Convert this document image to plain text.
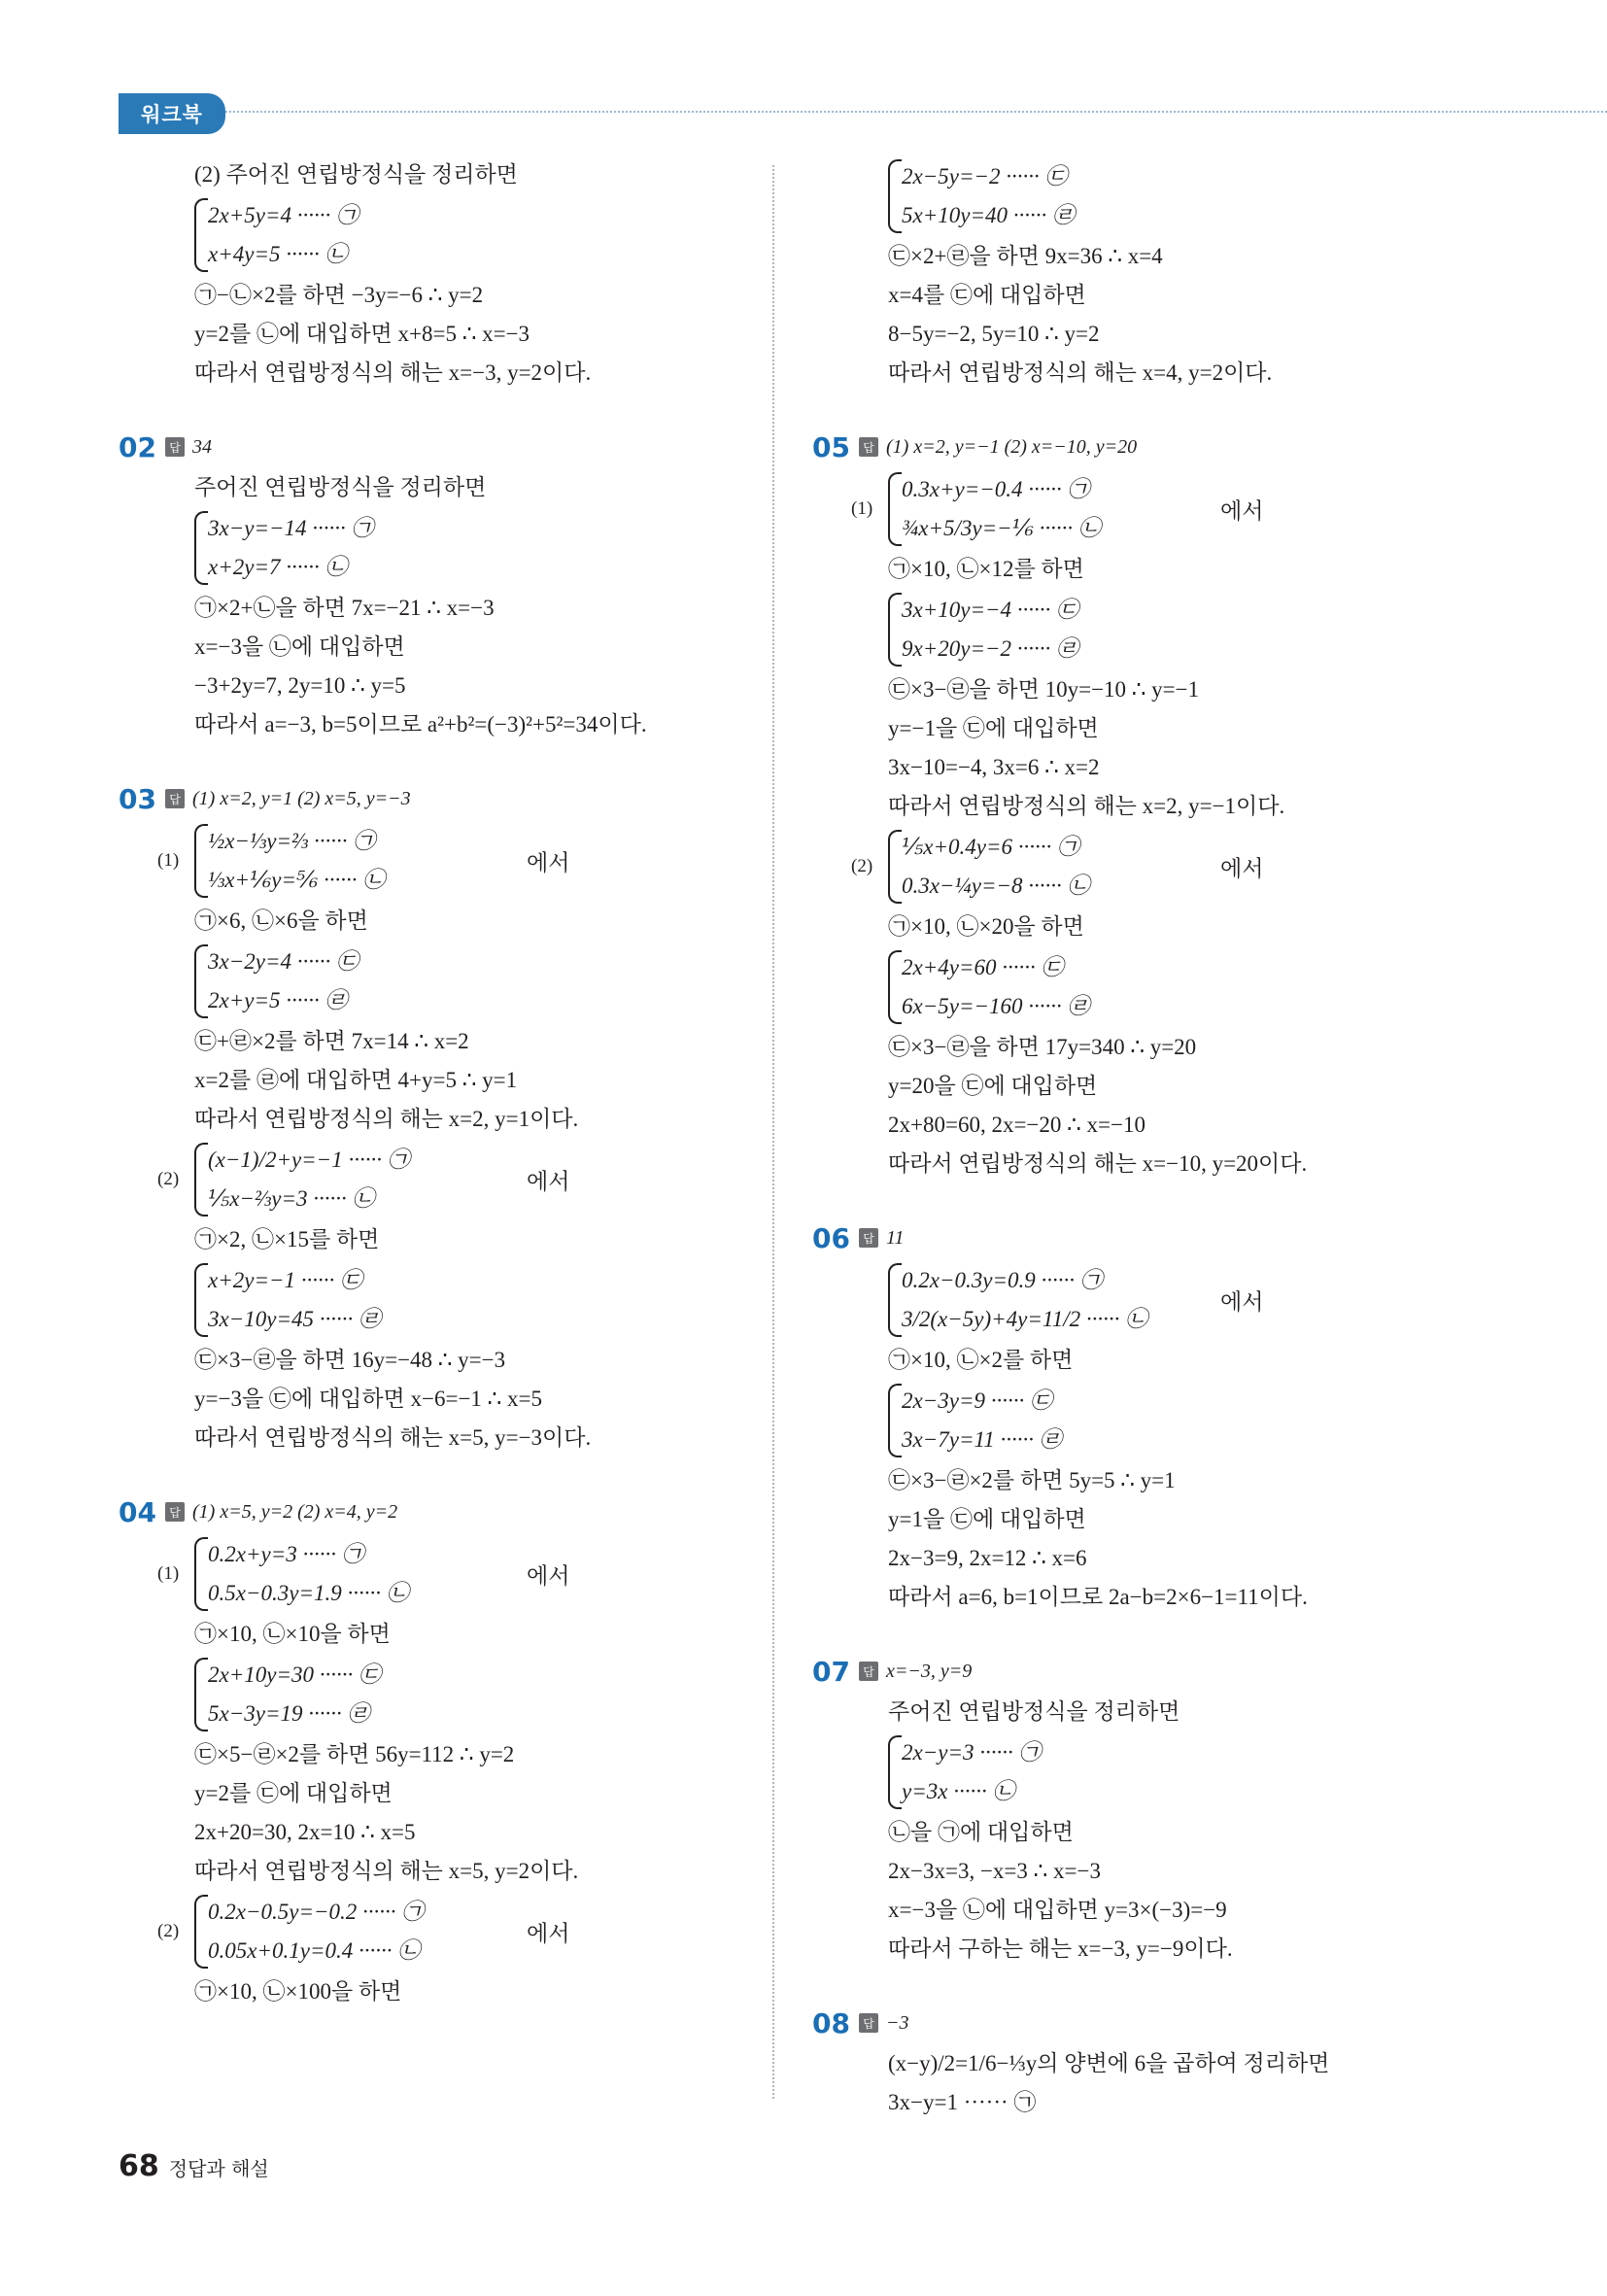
워크북
(2) 주어진 연립방정식을 정리하면
2x+5y=4 ······ ㉠
x+4y=5 ······ ㉡
㉠−㉡×2를 하면 −3y=−6 ∴ y=2
y=2를 ㉡에 대입하면 x+8=5 ∴ x=−3
따라서 연립방정식의 해는 x=−3, y=2이다.
02	답 34
주어진 연립방정식을 정리하면
3x−y=−14 ······ ㉠
x+2y=7 ······ ㉡
㉠×2+㉡을 하면 7x=−21 ∴ x=−3
x=−3을 ㉡에 대입하면
−3+2y=7, 2y=10 ∴ y=5
따라서 a=−3, b=5이므로 a²+b²=(−3)²+5²=34이다.
03	답 (1) x=2, y=1 (2) x=5, y=−3
(1)
½x−⅓y=⅔ ······ ㉠
⅓x+⅙y=⅚ ······ ㉡
에서
㉠×6, ㉡×6을 하면
3x−2y=4 ······ ㉢
2x+y=5 ······ ㉣
㉢+㉣×2를 하면 7x=14 ∴ x=2
x=2를 ㉣에 대입하면 4+y=5 ∴ y=1
따라서 연립방정식의 해는 x=2, y=1이다.
(2)
(x−1)/2+y=−1 ······ ㉠
⅕x−⅔y=3 ······ ㉡
에서
㉠×2, ㉡×15를 하면
x+2y=−1 ······ ㉢
3x−10y=45 ······ ㉣
㉢×3−㉣을 하면 16y=−48 ∴ y=−3
y=−3을 ㉢에 대입하면 x−6=−1 ∴ x=5
따라서 연립방정식의 해는 x=5, y=−3이다.
04	답 (1) x=5, y=2 (2) x=4, y=2
(1)
0.2x+y=3 ······ ㉠
0.5x−0.3y=1.9 ······ ㉡
에서
㉠×10, ㉡×10을 하면
2x+10y=30 ······ ㉢
5x−3y=19 ······ ㉣
㉢×5−㉣×2를 하면 56y=112 ∴ y=2
y=2를 ㉢에 대입하면
2x+20=30, 2x=10 ∴ x=5
따라서 연립방정식의 해는 x=5, y=2이다.
(2)
0.2x−0.5y=−0.2 ······ ㉠
0.05x+0.1y=0.4 ······ ㉡
에서
㉠×10, ㉡×100을 하면
2x−5y=−2 ······ ㉢
5x+10y=40 ······ ㉣
㉢×2+㉣을 하면 9x=36 ∴ x=4
x=4를 ㉢에 대입하면
8−5y=−2, 5y=10 ∴ y=2
따라서 연립방정식의 해는 x=4, y=2이다.
05	답 (1) x=2, y=−1 (2) x=−10, y=20
(1)
0.3x+y=−0.4 ······ ㉠
¾x+5/3y=−⅙ ······ ㉡
에서
㉠×10, ㉡×12를 하면
3x+10y=−4 ······ ㉢
9x+20y=−2 ······ ㉣
㉢×3−㉣을 하면 10y=−10 ∴ y=−1
y=−1을 ㉢에 대입하면
3x−10=−4, 3x=6 ∴ x=2
따라서 연립방정식의 해는 x=2, y=−1이다.
(2)
⅕x+0.4y=6 ······ ㉠
0.3x−¼y=−8 ······ ㉡
에서
㉠×10, ㉡×20을 하면
2x+4y=60 ······ ㉢
6x−5y=−160 ······ ㉣
㉢×3−㉣을 하면 17y=340 ∴ y=20
y=20을 ㉢에 대입하면
2x+80=60, 2x=−20 ∴ x=−10
따라서 연립방정식의 해는 x=−10, y=20이다.
06	답 11
0.2x−0.3y=0.9 ······ ㉠
3/2(x−5y)+4y=11/2 ······ ㉡
에서
㉠×10, ㉡×2를 하면
2x−3y=9 ······ ㉢
3x−7y=11 ······ ㉣
㉢×3−㉣×2를 하면 5y=5 ∴ y=1
y=1을 ㉢에 대입하면
2x−3=9, 2x=12 ∴ x=6
따라서 a=6, b=1이므로 2a−b=2×6−1=11이다.
07	답 x=−3, y=9
주어진 연립방정식을 정리하면
2x−y=3 ······ ㉠
y=3x ······ ㉡
㉡을 ㉠에 대입하면
2x−3x=3, −x=3 ∴ x=−3
x=−3을 ㉡에 대입하면 y=3×(−3)=−9
따라서 구하는 해는 x=−3, y=−9이다.
08	답 −3
(x−y)/2=1/6−⅓y의 양변에 6을 곱하여 정리하면
3x−y=1 ······ ㉠
68 정답과 해설
